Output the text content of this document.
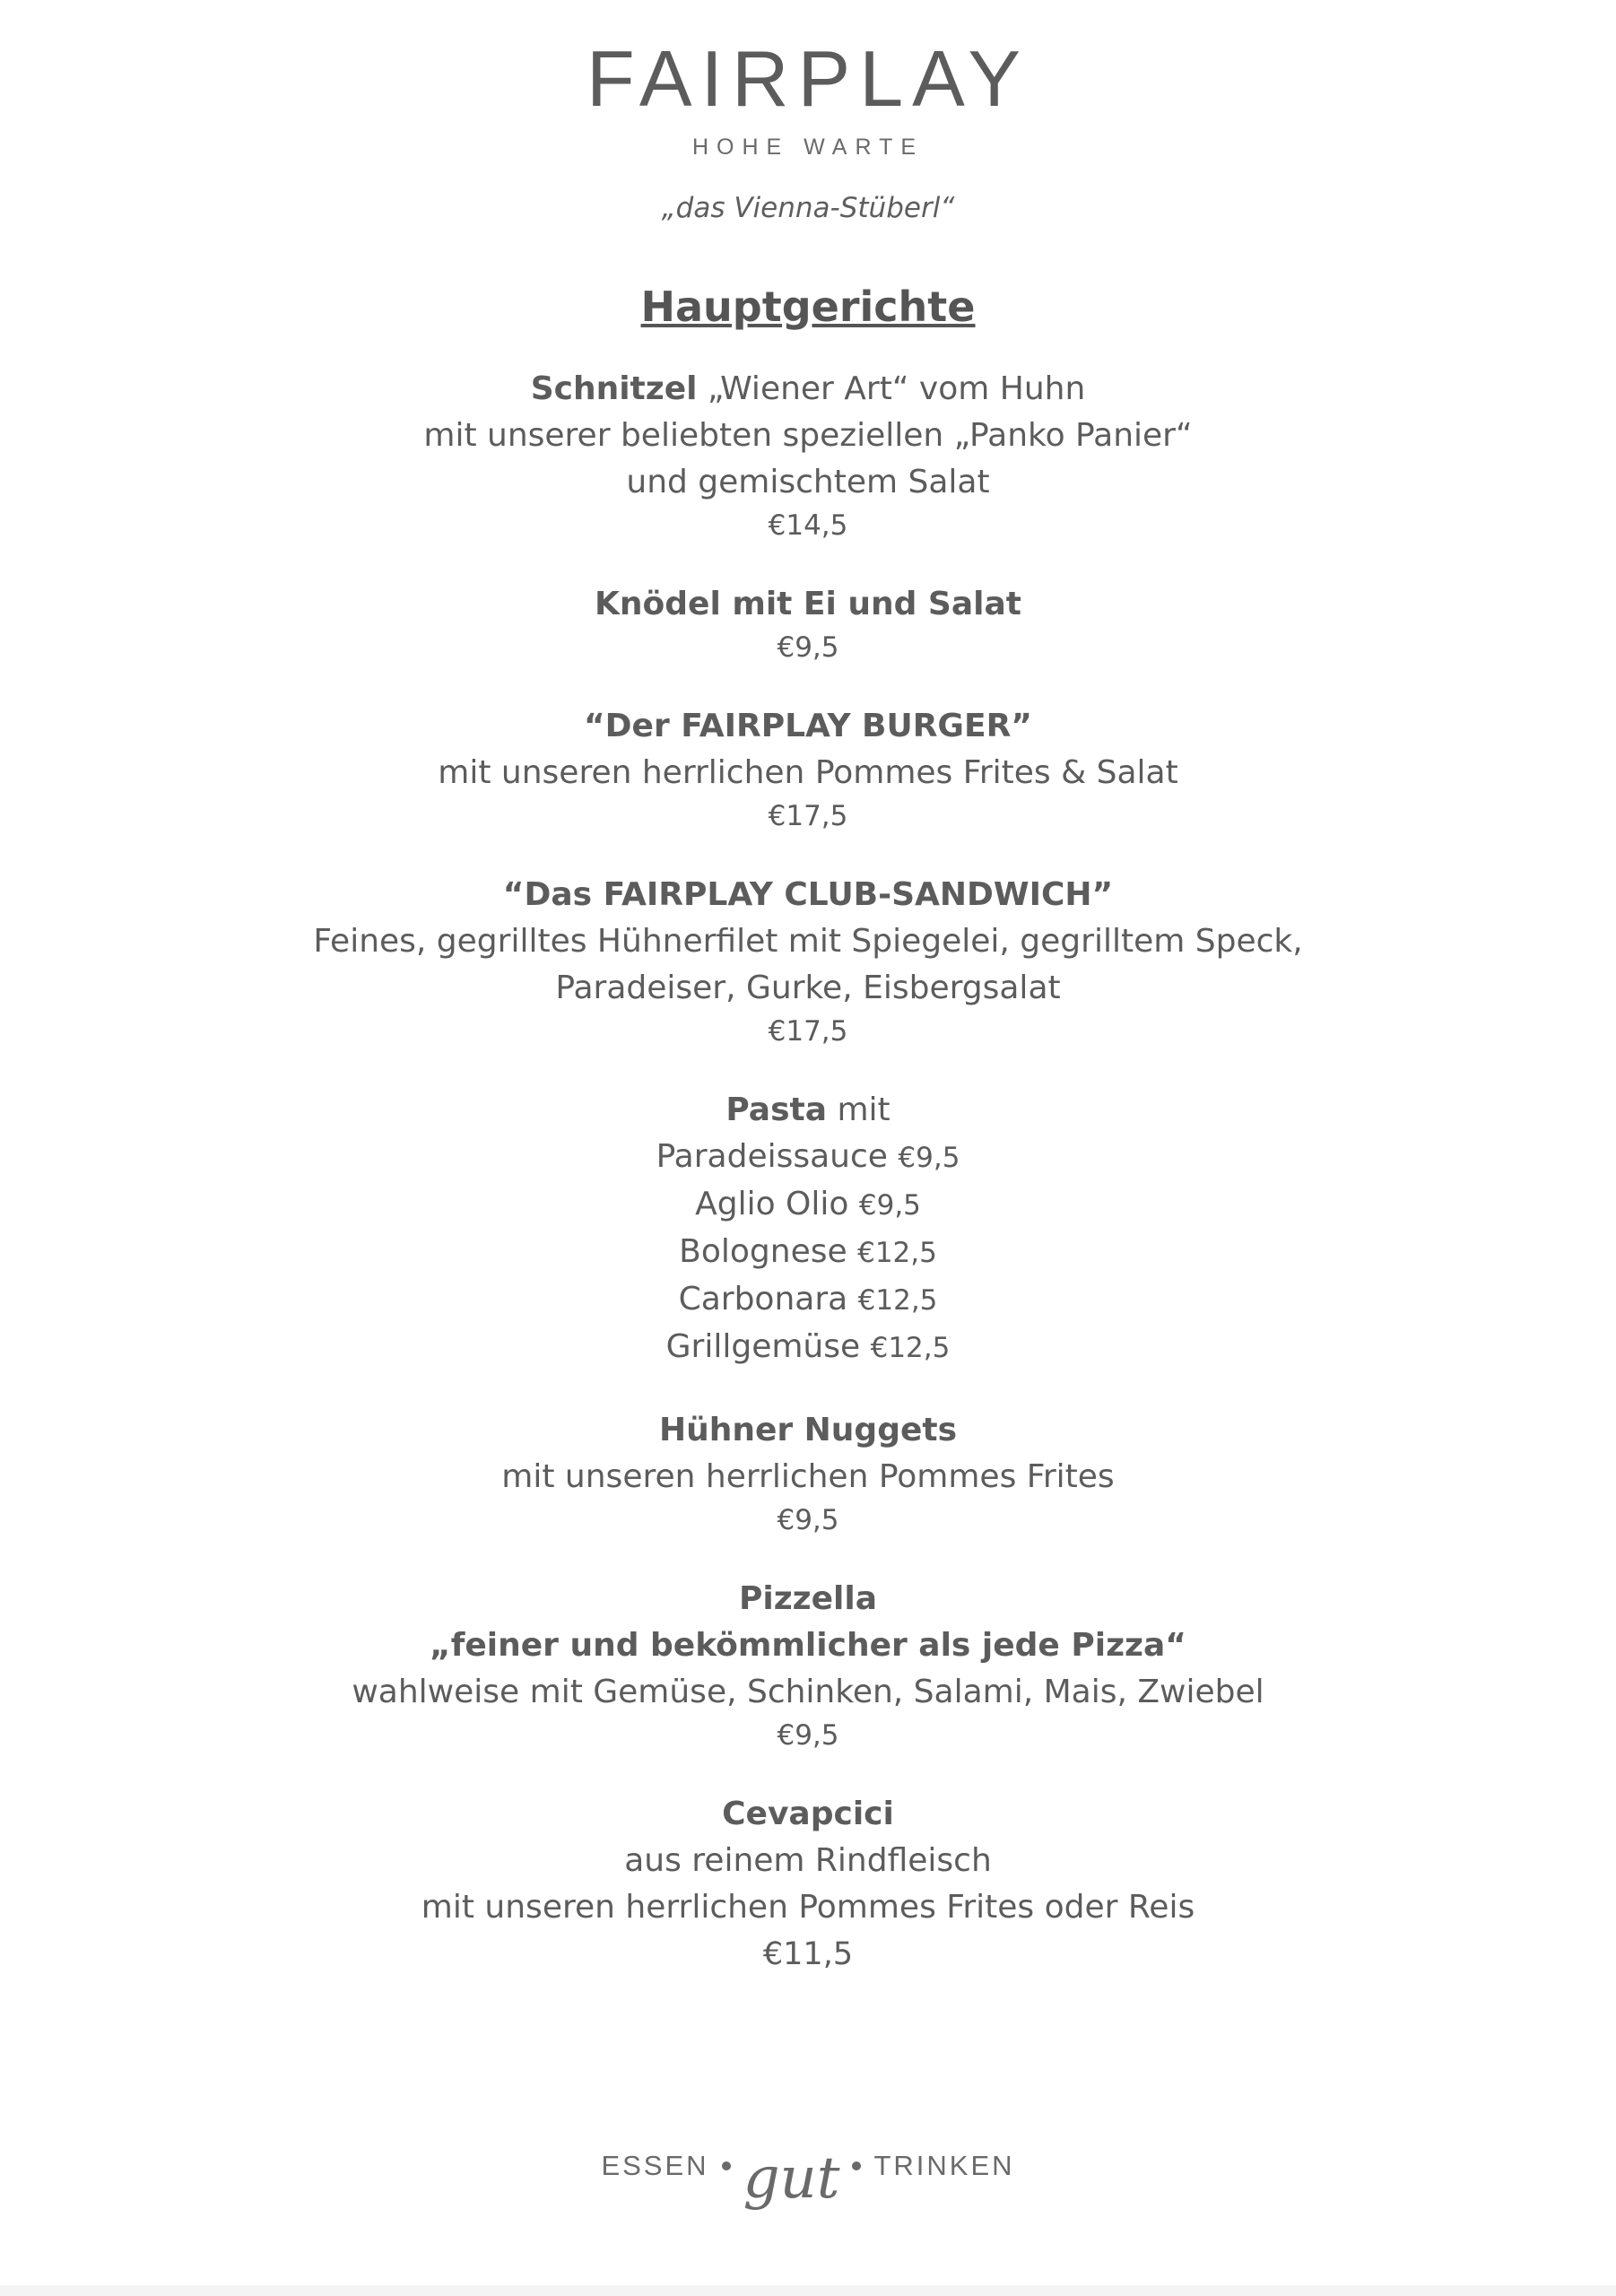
FAIRPLAY
HOHE WARTE
„das Vienna-Stüberl“
Hauptgerichte
Schnitzel „Wiener Art“ vom Huhn
mit unserer beliebten speziellen „Panko Panier“
und gemischtem Salat
€14,5
Knödel mit Ei und Salat
€9,5
“Der FAIRPLAY BURGER”
mit unseren herrlichen Pommes Frites & Salat
€17,5
“Das FAIRPLAY CLUB-SANDWICH”
Feines, gegrilltes Hühnerfilet mit Spiegelei, gegrilltem Speck,
Paradeiser, Gurke, Eisbergsalat
€17,5
Pasta mit
Paradeissauce €9,5
Aglio Olio €9,5
Bolognese €12,5
Carbonara €12,5
Grillgemüse €12,5
Hühner Nuggets
mit unseren herrlichen Pommes Frites
€9,5
Pizzella
„feiner und bekömmlicher als jede Pizza“
wahlweise mit Gemüse, Schinken, Salami, Mais, Zwiebel
€9,5
Cevapcici
aus reinem Rindfleisch
mit unseren herrlichen Pommes Frites oder Reis
€11,5
ESSEN gut TRINKEN
